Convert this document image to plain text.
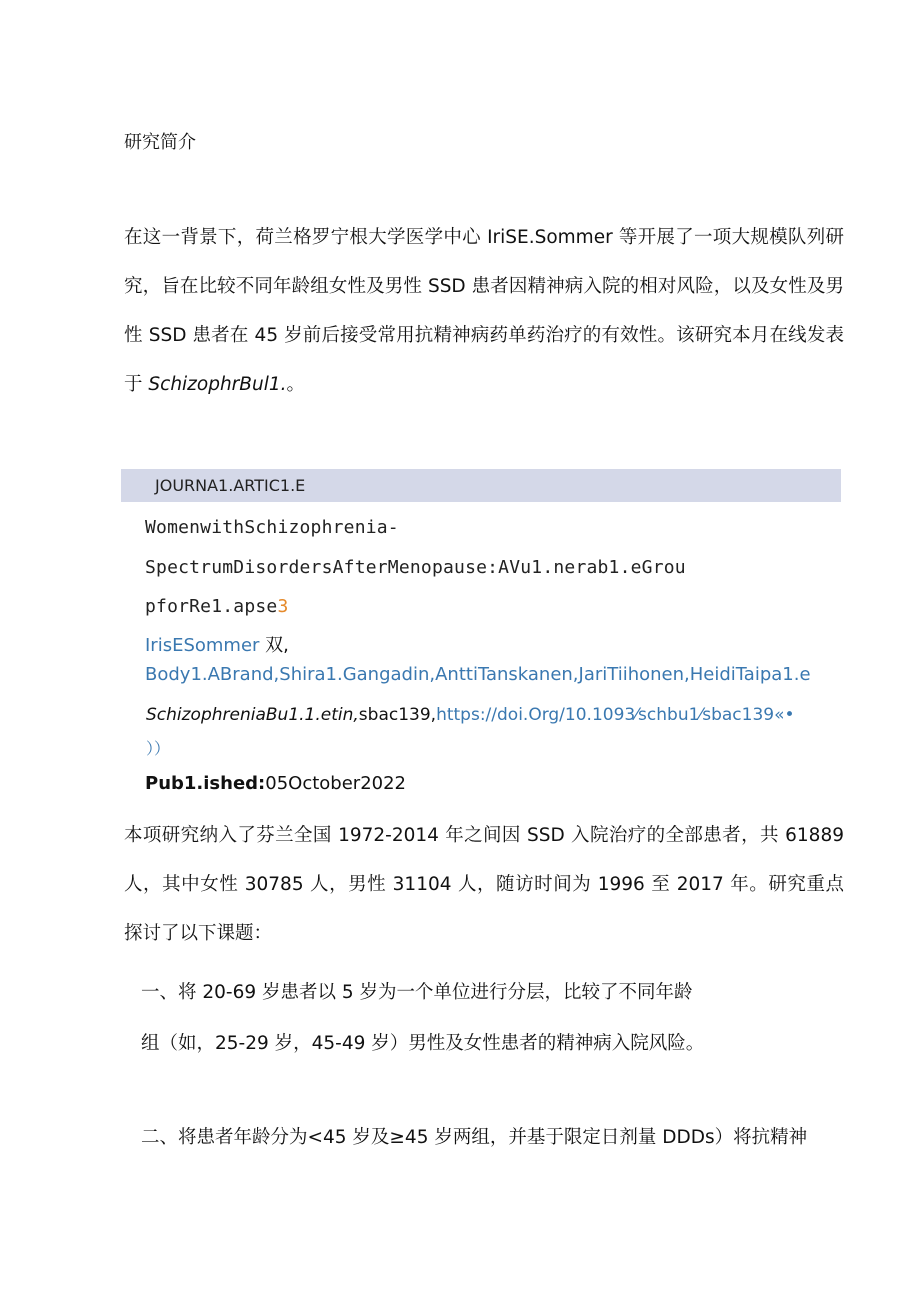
研究简介

在这一背景下，荷兰格罗宁根大学医学中心 IriSE.Sommer 等开展了一项大规模队列研究，旨在比较不同年龄组女性及男性 SSD 患者因精神病入院的相对风险，以及女性及男性 SSD 患者在 45 岁前后接受常用抗精神病药单药治疗的有效性。该研究本月在线发表于 SchizophrBul1.。

JOURNA1.ARTIC1.E
WomenwithSchizophrenia-
SpectrumDisordersAfterMenopause:AVu1.nerab1.eGrou
pforRe1.apse3
IrisESommer 双,
Body1.ABrand,Shira1.Gangadin,AnttiTanskanen,JariTiihonen,HeidiTaipa1.e
SchizophreniaBu1.1.etin,sbac139,https://doi.Org/10.1093⁄schbu1⁄sbac139«•
））
Pub1.ished:05October2022

本项研究纳入了芬兰全国 1972-2014 年之间因 SSD 入院治疗的全部患者，共 61889 人，其中女性 30785 人，男性 31104 人，随访时间为 1996 至 2017 年。研究重点探讨了以下课题：

一、将 20-69 岁患者以 5 岁为一个单位进行分层，比较了不同年龄
组（如，25-29 岁，45-49 岁）男性及女性患者的精神病入院风险。
二、将患者年龄分为<45 岁及≥45 岁两组，并基于限定日剂量 DDDs）将抗精神
